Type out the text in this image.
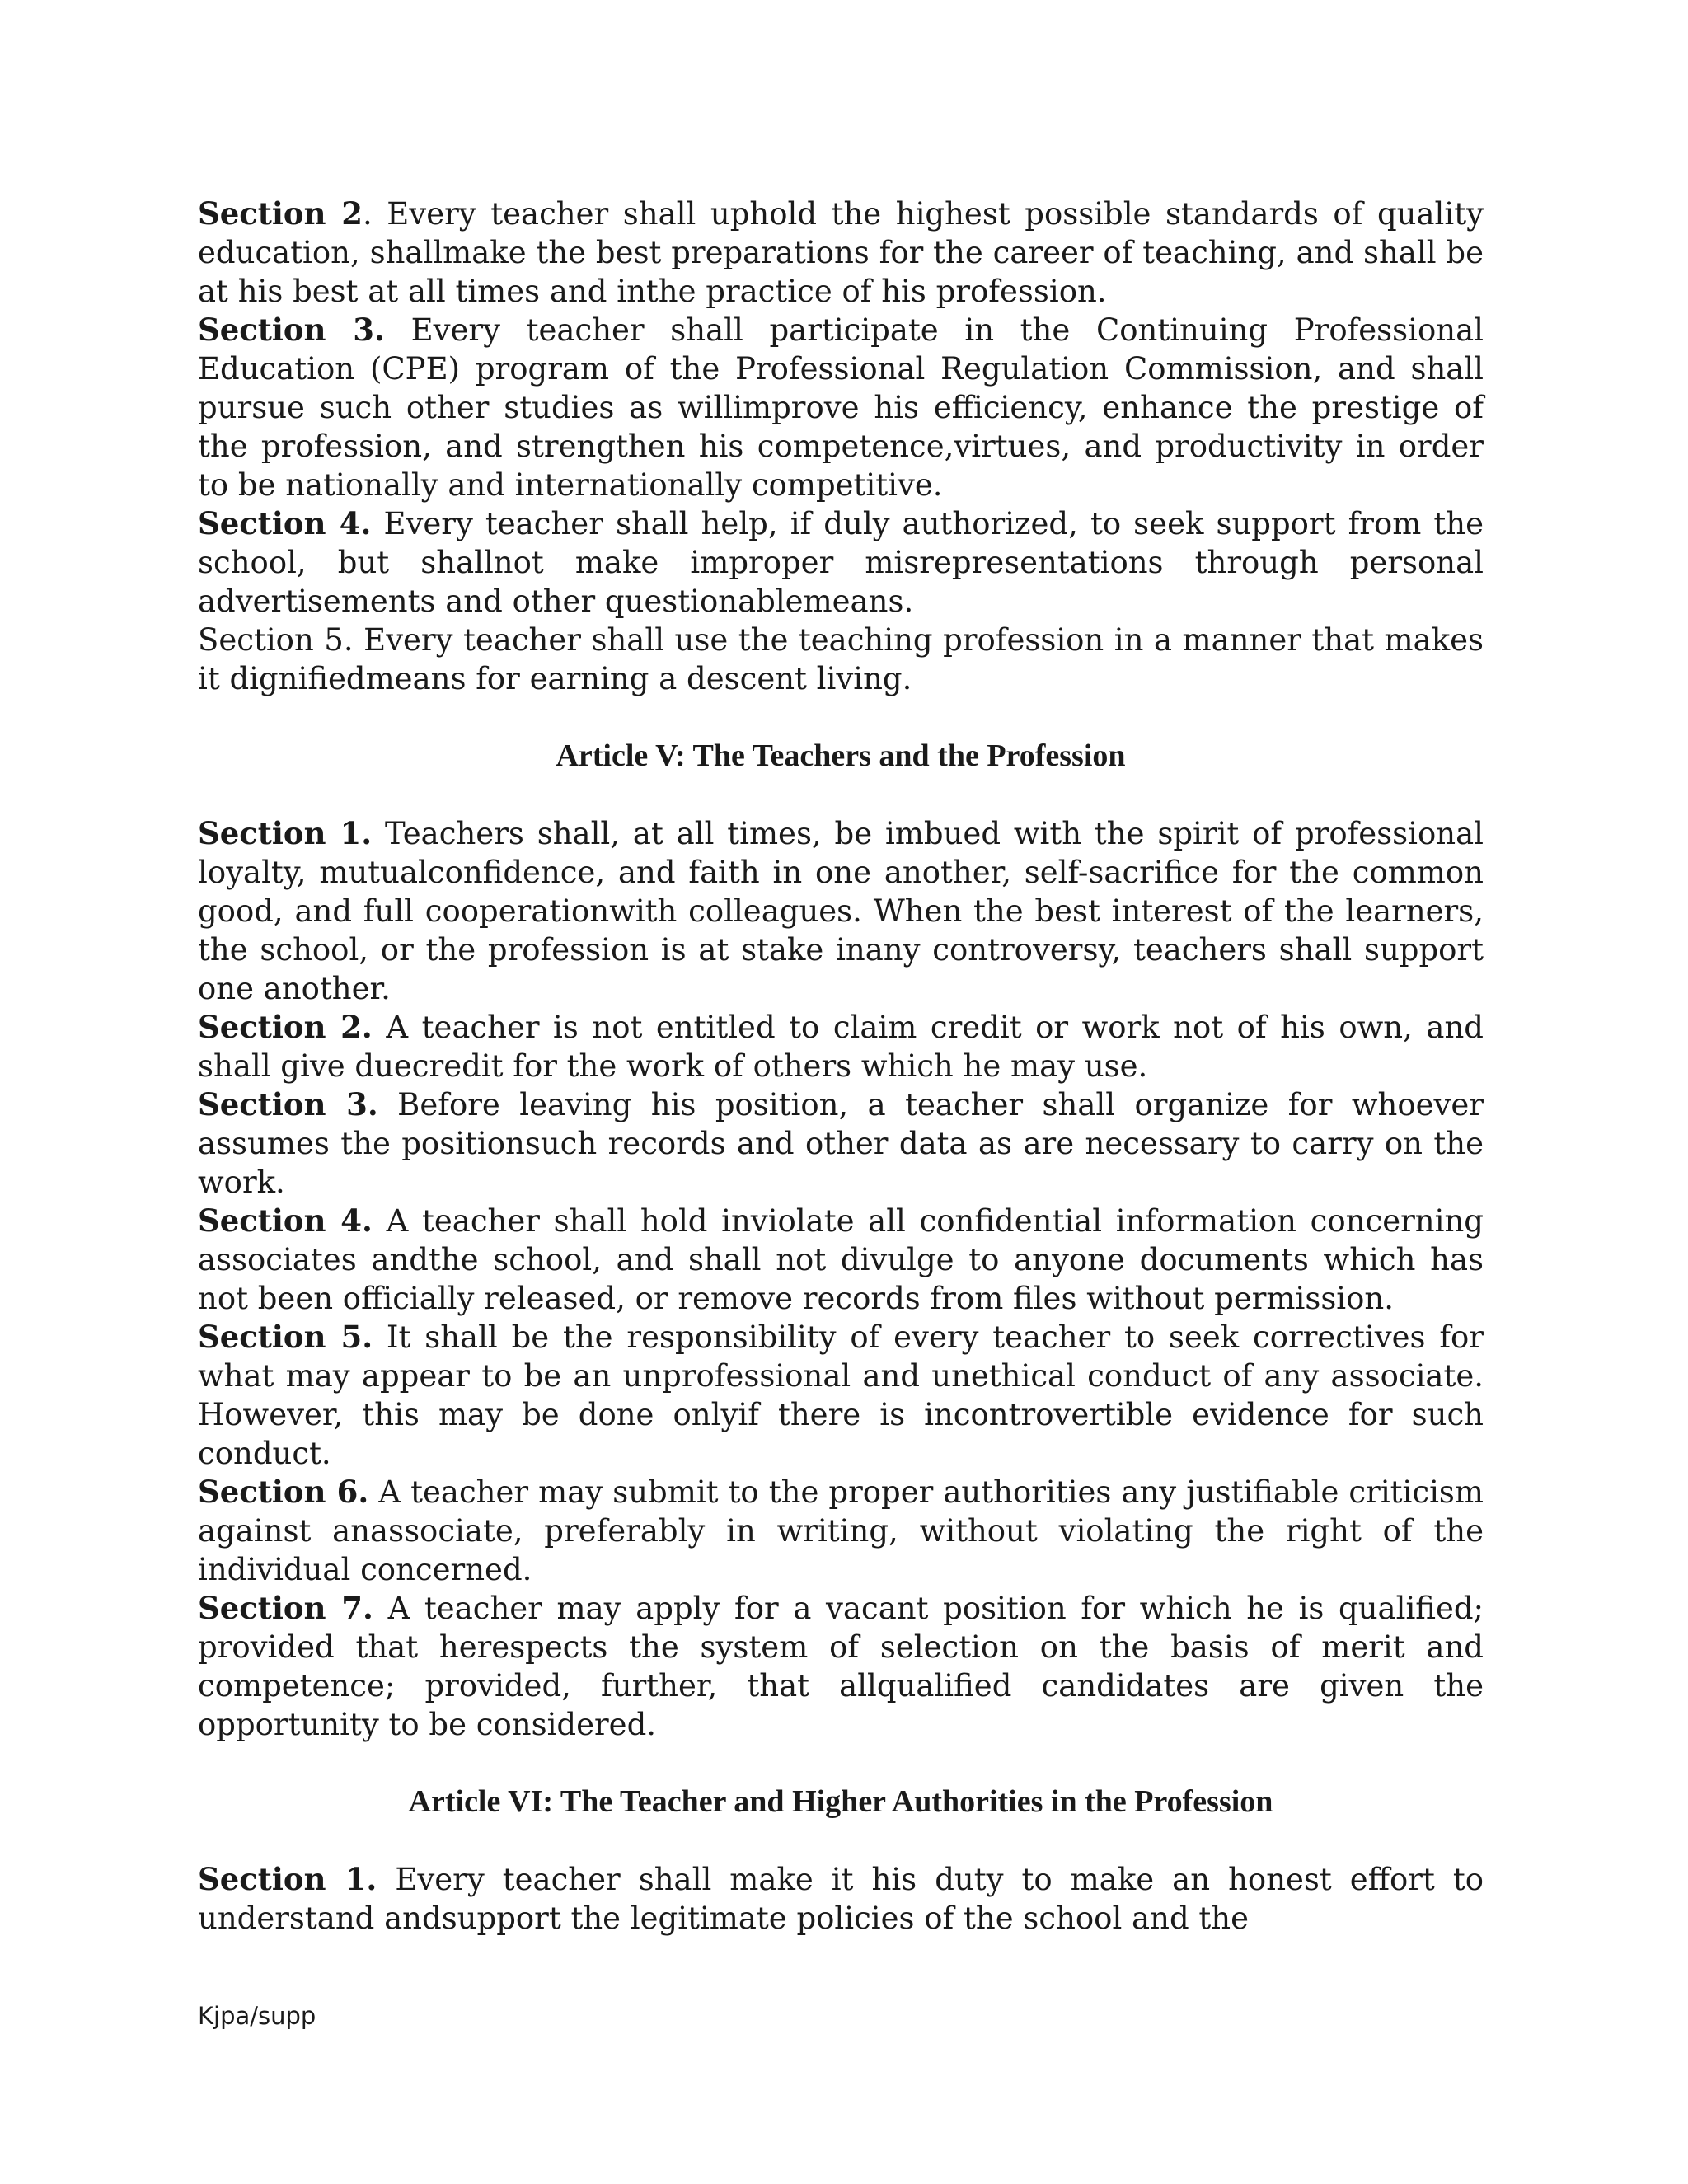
Section 2. Every teacher shall uphold the highest possible standards of quality education, shallmake the best preparations for the career of teaching, and shall be at his best at all times and inthe practice of his profession.

Section 3. Every teacher shall participate in the Continuing Professional Education (CPE) program of the Professional Regulation Commission, and shall pursue such other studies as willimprove his efficiency, enhance the prestige of the profession, and strengthen his competence,virtues, and productivity in order to be nationally and internationally competitive.

Section 4. Every teacher shall help, if duly authorized, to seek support from the school, but shallnot make improper misrepresentations through personal advertisements and other questionablemeans.

Section 5. Every teacher shall use the teaching profession in a manner that makes it dignifiedmeans for earning a descent living.

Article V: The Teachers and the Profession

Section 1. Teachers shall, at all times, be imbued with the spirit of professional loyalty, mutualconfidence, and faith in one another, self-sacrifice for the common good, and full cooperationwith colleagues. When the best interest of the learners, the school, or the profession is at stake inany controversy, teachers shall support one another.

Section 2. A teacher is not entitled to claim credit or work not of his own, and shall give duecredit for the work of others which he may use.

Section 3. Before leaving his position, a teacher shall organize for whoever assumes the positionsuch records and other data as are necessary to carry on the work.

Section 4. A teacher shall hold inviolate all confidential information concerning associates andthe school, and shall not divulge to anyone documents which has not been officially released, or remove records from files without permission.

Section 5. It shall be the responsibility of every teacher to seek correctives for what may appear to be an unprofessional and unethical conduct of any associate. However, this may be done onlyif there is incontrovertible evidence for such conduct.

Section 6. A teacher may submit to the proper authorities any justifiable criticism against anassociate, preferably in writing, without violating the right of the individual concerned.

Section 7. A teacher may apply for a vacant position for which he is qualified; provided that herespects the system of selection on the basis of merit and competence; provided, further, that allqualified candidates are given the opportunity to be considered.

Article VI: The Teacher and Higher Authorities in the Profession

Section 1. Every teacher shall make it his duty to make an honest effort to understand andsupport the legitimate policies of the school and the

Kjpa/supp
